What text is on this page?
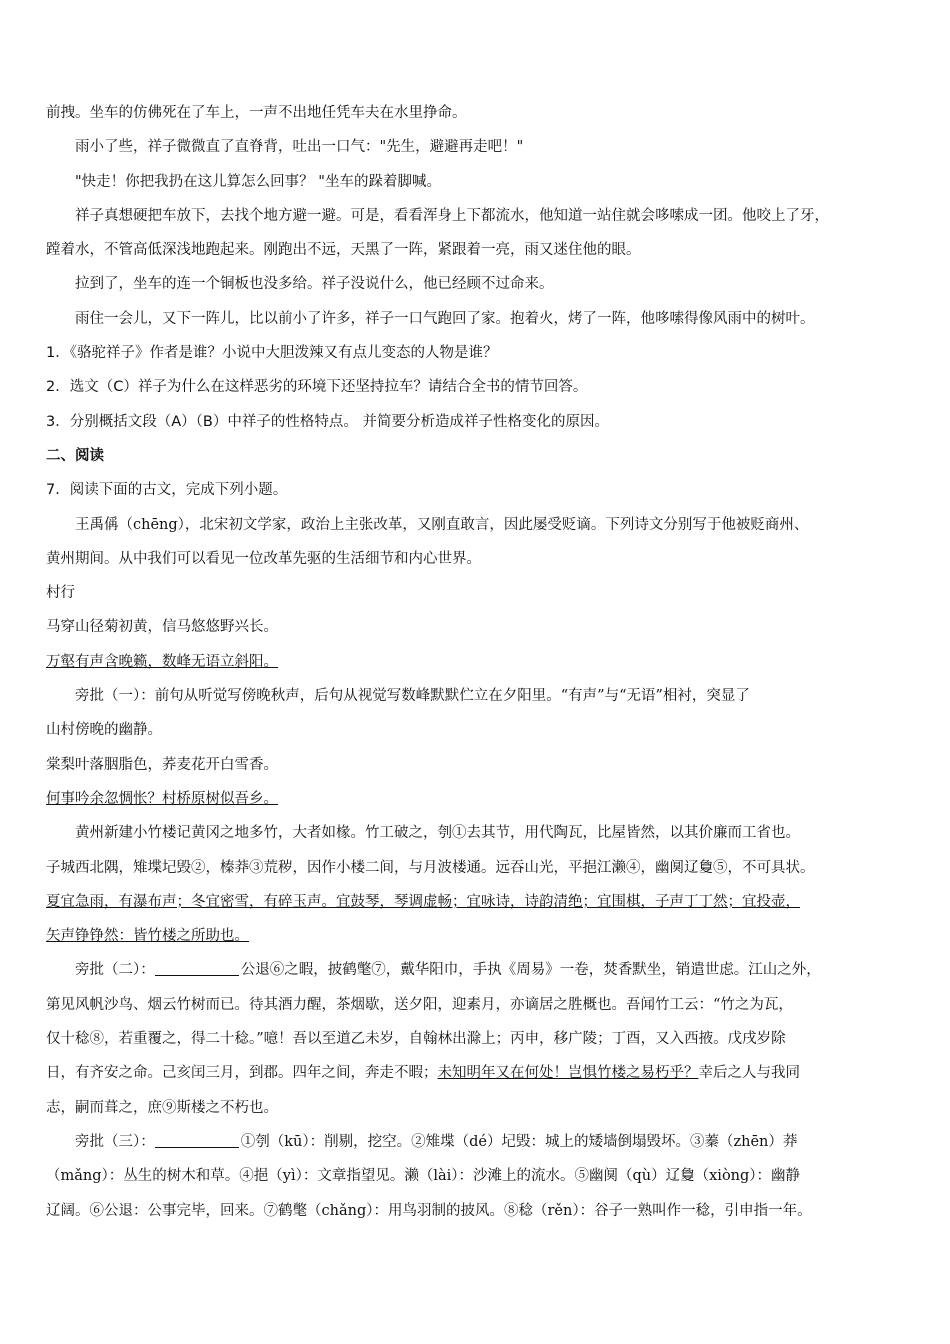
前拽。坐车的仿佛死在了车上，一声不出地任凭车夫在水里挣命。
雨小了些，祥子微微直了直脊背，吐出一口气："先生，避避再走吧！"
"快走！你把我扔在这儿算怎么回事？ "坐车的跺着脚喊。
祥子真想硬把车放下，去找个地方避一避。可是，看看浑身上下都流水，他知道一站住就会哆嗦成一团。他咬上了牙，
蹚着水，不管高低深浅地跑起来。刚跑出不远，天黑了一阵，紧跟着一亮，雨又迷住他的眼。
拉到了，坐车的连一个铜板也没多给。祥子没说什么，他已经顾不过命来。
雨住一会儿，又下一阵儿，比以前小了许多，祥子一口气跑回了家。抱着火，烤了一阵，他哆嗦得像风雨中的树叶。
1．《骆驼祥子》作者是谁？小说中大胆泼辣又有点儿变态的人物是谁？
2．选文（C）祥子为什么在这样恶劣的环境下还坚持拉车？请结合全书的情节回答。
3．分别概括文段（A）（B）中祥子的性格特点。 并简要分析造成祥子性格变化的原因。
二、阅读
7．阅读下面的古文，完成下列小题。
王禹偁（chēng），北宋初文学家，政治上主张改革，又刚直敢言，因此屡受贬谪。下列诗文分别写于他被贬商州、
黄州期间。从中我们可以看见一位改革先驱的生活细节和内心世界。
村行
马穿山径菊初黄，信马悠悠野兴长。
万壑有声含晚籁，数峰无语立斜阳。
旁批（一）：前句从听觉写傍晚秋声，后句从视觉写数峰默默伫立在夕阳里。“有声”与“无语”相衬，突显了
山村傍晚的幽静。
棠梨叶落胭脂色，荞麦花开白雪香。
何事吟余忽惆怅？村桥原树似吾乡。
黄州新建小竹楼记黄冈之地多竹，大者如椽。竹工破之，刳①去其节，用代陶瓦，比屋皆然，以其价廉而工省也。
子城西北隅，雉堞圮毁②，榛莽③荒秽，因作小楼二间，与月波楼通。远吞山光，平挹江濑④，幽阒辽敻⑤，不可具状。
夏宜急雨，有瀑布声；冬宜密雪，有碎玉声。宜鼓琴，琴调虚畅；宜咏诗，诗韵清绝；宜围棋，子声丁丁然；宜投壶，
矢声铮铮然：皆竹楼之所助也。
旁批（二）：	公退⑥之暇，披鹤氅⑦，戴华阳巾，手执《周易》一卷，焚香默坐，销遣世虑。江山之外，
第见风帆沙鸟、烟云竹树而已。待其酒力醒，茶烟歇，送夕阳，迎素月，亦谪居之胜概也。吾闻竹工云：“竹之为瓦，
仅十稔⑧，若重覆之，得二十稔。”噫！吾以至道乙未岁，自翰林出滁上；丙申，移广陵；丁酉，又入西掖。戊戌岁除
日，有齐安之命。己亥闰三月，到郡。四年之间，奔走不暇；未知明年又在何处！岂惧竹楼之易朽乎？幸后之人与我同
志，嗣而葺之，庶⑨斯楼之不朽也。
旁批（三）：	①刳（kū）：削剔，挖空。②雉堞（dé）圮毁：城上的矮墙倒塌毁坏。③蓁（zhēn）莽
（mǎng）：丛生的树木和草。④挹（yì）：文章指望见。濑（lài）：沙滩上的流水。⑤幽阒（qù）辽敻（xiòng）：幽静
辽阔。⑥公退：公事完毕，回来。⑦鹤氅（chǎng）：用鸟羽制的披风。⑧稔（rěn）：谷子一熟叫作一稔，引申指一年。
